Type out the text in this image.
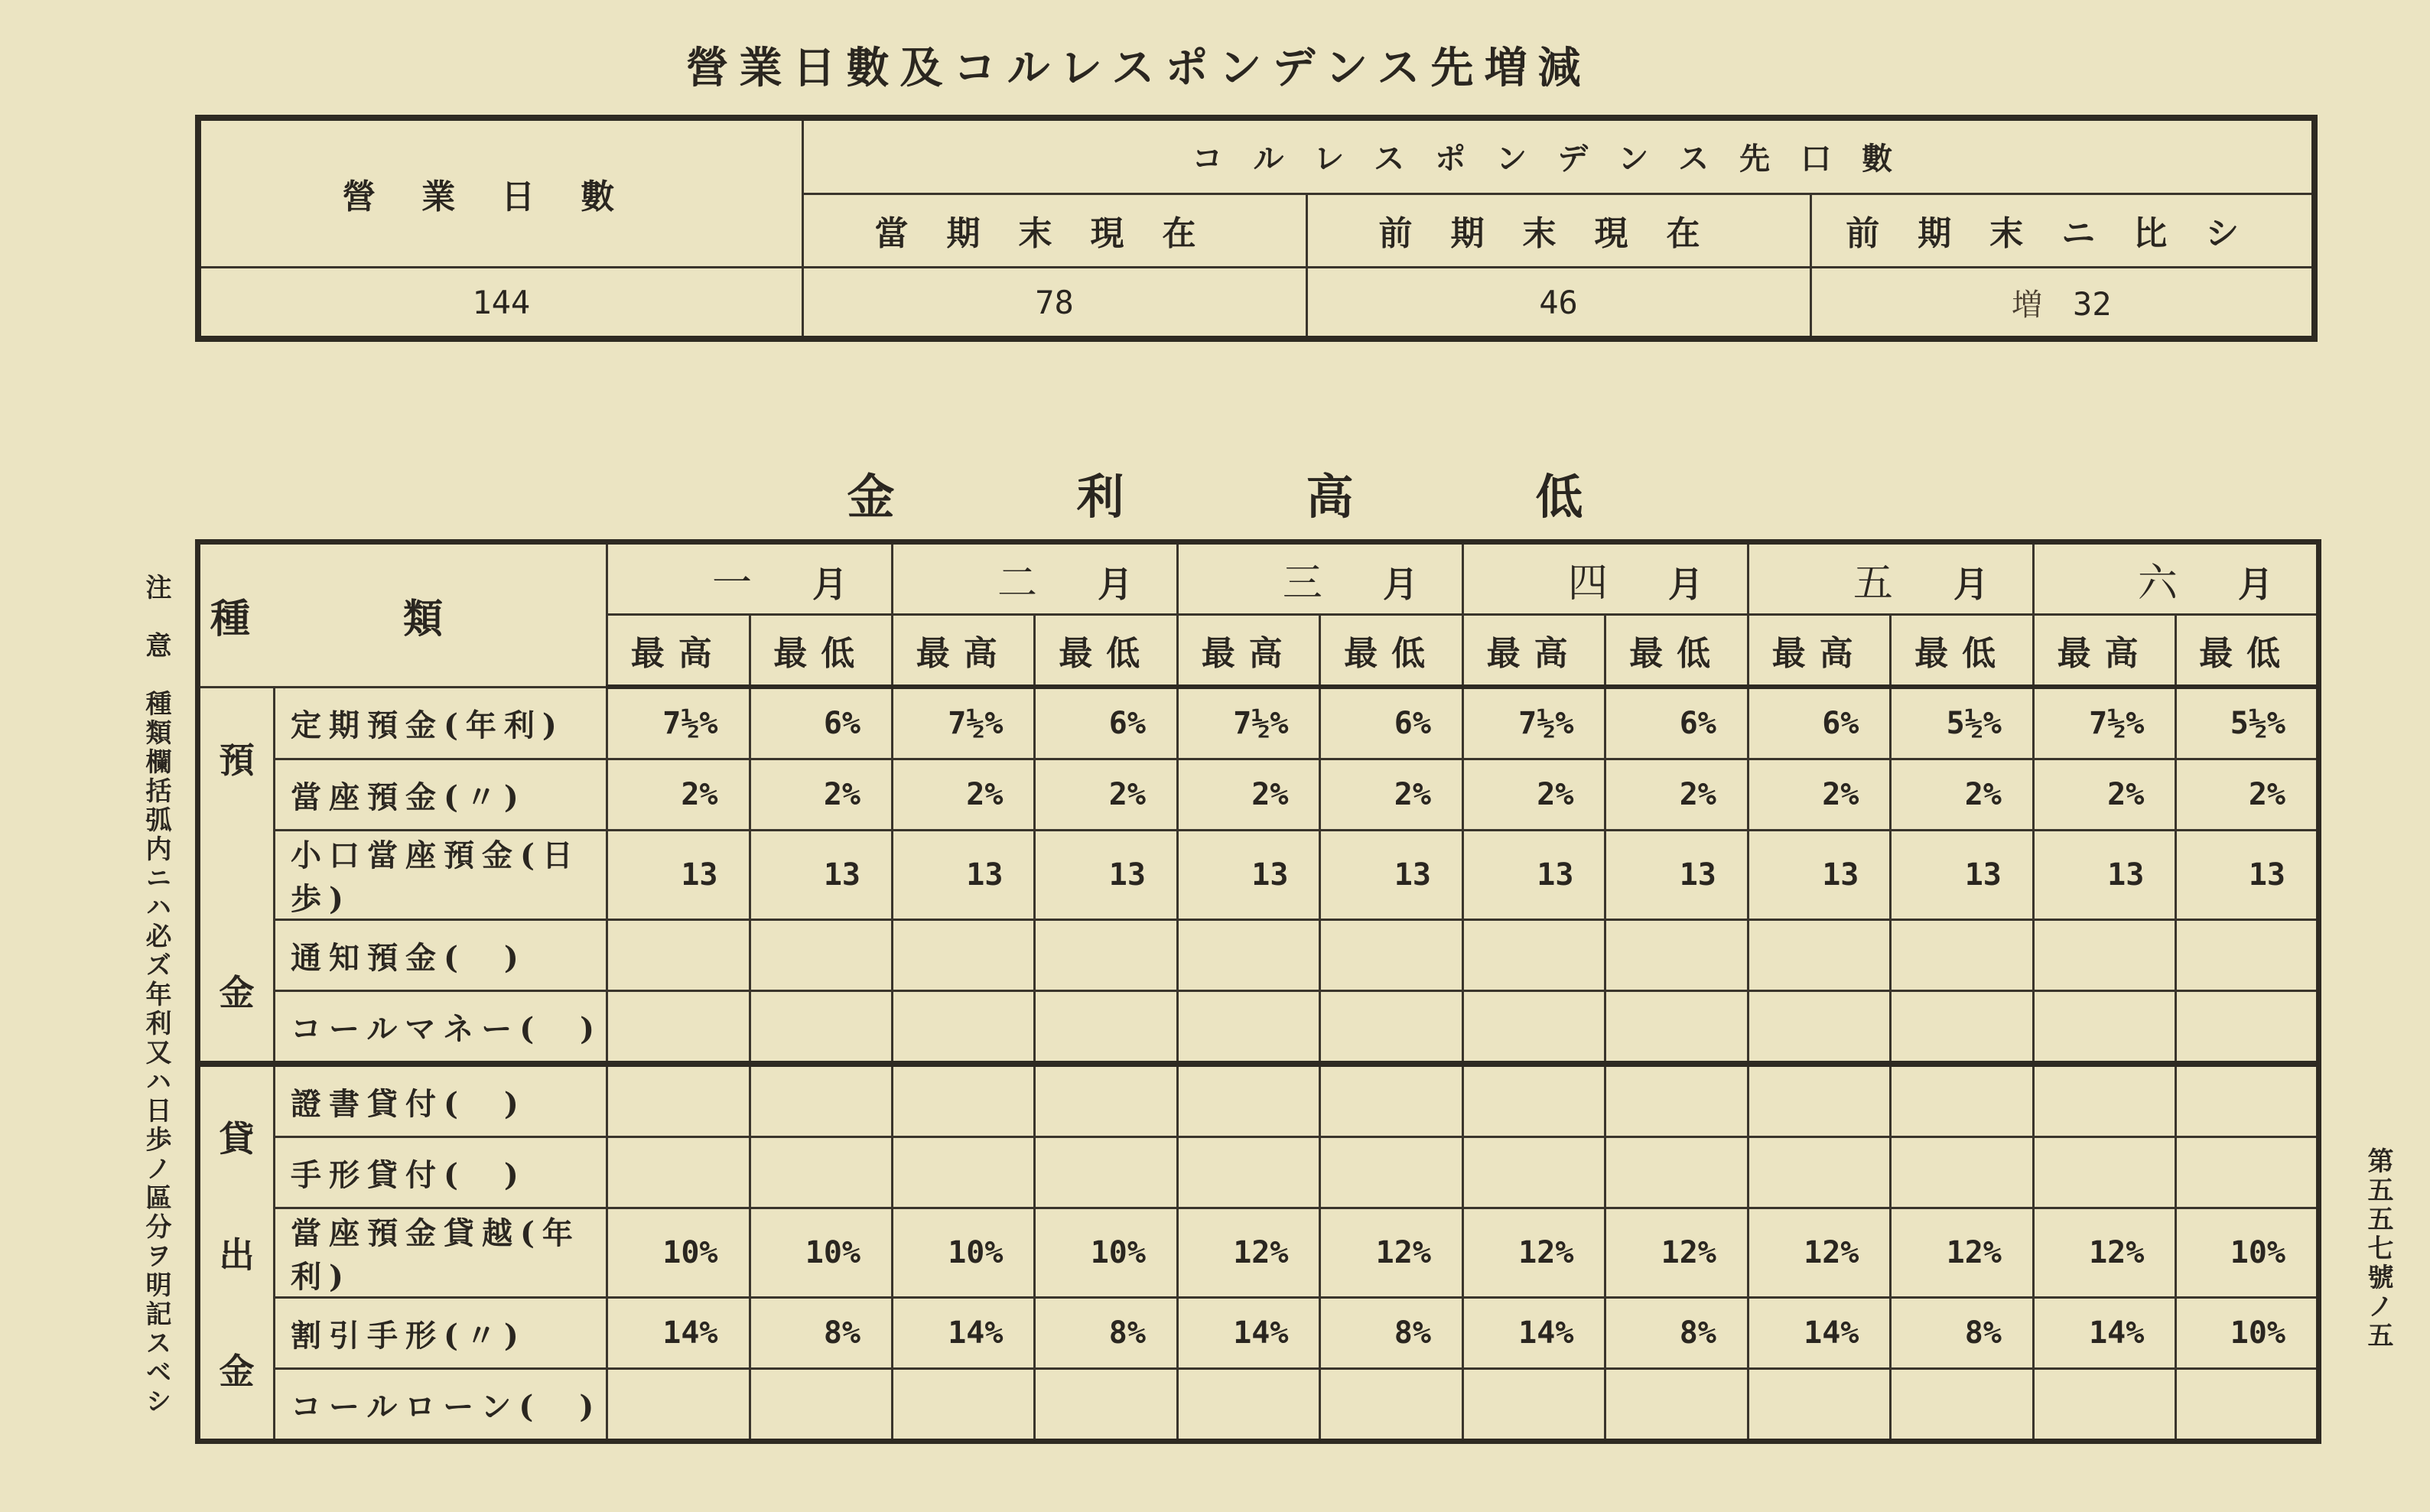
營業日數及コルレスポンデンス先増減
營業日數	コルレスポンデンス先口數		
	當期末現在	前期末現在	前期末ニ比シ
144	78	46	増 32
金	利	高	低
種類		一 月		二 月		三 月		四 月		五 月		六 月	
		最高	最低	最高	最低	最高	最低	最高	最低	最高	最低	最高	最低

預
金	定期預金(年利)	7½%	6%	7½%	6%	7½%	6%	7½%	6%	6%	5½%	7½%	5½%
	當座預金(〃)	2%	2%	2%	2%	2%	2%	2%	2%	2%	2%	2%	2%
	小口當座預金(日歩)	13	13	13	13	13	13	13	13	13	13	13	13
	通知預金(　)												
	コールマネー(　)												

貸
出
金	證書貸付(　)												
	手形貸付(　)												
	當座預金貸越(年利)	10%	10%	10%	10%	12%	12%	12%	12%	12%	12%	12%	10%
	割引手形(〃)	14%	8%	14%	8%	14%	8%	14%	8%	14%	8%	14%	10%
	コールローン(　)												
注　意　種類欄括弧内ニハ必ズ年利又ハ日歩ノ區分ヲ明記スベシ	第五五七號ノ五
